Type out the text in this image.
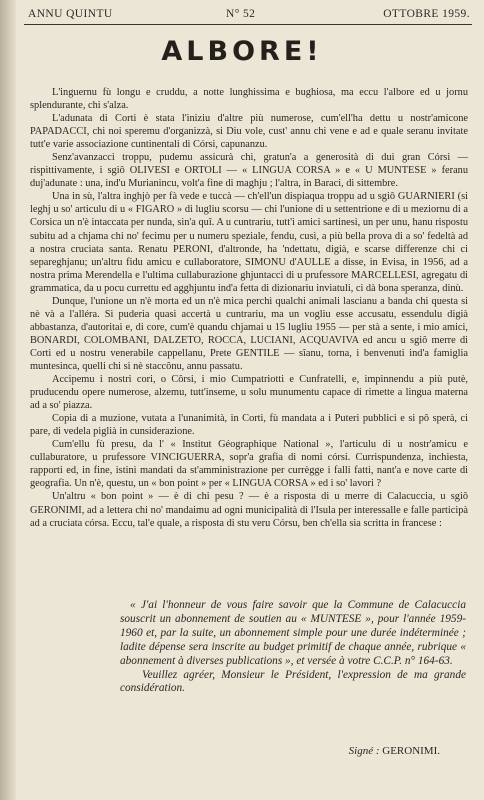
ANNU QUINTU	N° 52	OTTOBRE 1959.
ALBORE!

L'inguernu fù longu e cruddu, a notte lunghissima e bughiosa, ma eccu l'albore ed u jornu splendurante, chi s'alza.

L'adunata di Corti è stata l'iniziu d'altre più numerose, cum'ell'ha dettu u nostr'amicone PAPADACCI, chi noi speremu d'organizzà, si Diu vole, cust' annu chi vene e ad e quale seranu invitate tutt'e varie associazione cuntinentali di Córsi, capunanzu.

Senz'avanzacci troppu, pudemu assicurà chi, gratun'a a generosità di dui gran Córsi — rispittivamente, i sgiô OLIVESI e ORTOLI — « LINGUA CORSA » e « U MUNTESE » feranu duj'adunate : una, ind'u Murianincu, volt'a fine di maghju ; l'altra, in Baraci, di sittembre.

Una in sù, l'altra inghjò per fà vede e tuccà — ch'ell'un dispiaqua troppu ad u sgiô GUARNIERI (si leghj u so' articulu di u « FIGARO » di lugliu scorsu — chi l'unione di u settentrione e di u meziornu di a Corsica un n'è intaccata per nunda, sin'a quî. A u cuntrariu, tutt'i amici sartinesi, un per unu, hanu rispostu subitu ad a chjama chi no' fecimu per u numeru speziale, fendu, cusì, a più bella prova di a so' fedeltà ad a nostra cruciata santa. Renatu PERONI, d'altronde, ha 'ndettatu, digià, e scarse differenze chi ci separeghjanu; un'altru fidu amicu e cullaboratore, SIMONU d'AULLE a disse, in Evisa, in 1956, ad a nostra prima Merendella e l'ultima cullaburazione ghjuntacci di u prufessore MARCELLESI, agregatu di grammatica, da u pocu currettu ed agghjuntu ind'a fetta di dizionariu inviatuli, ci dà bona speranza, dinù.

Dunque, l'unione un n'è morta ed un n'è mica perchì qualchi animali lascianu a banda chi questa si nè và a l'alléra. Si puderia quasi accertà u cuntrariu, ma un vogliu esse accusatu, essendulu digià abbastanza, d'autoritai e, di core, cum'è quandu chjamai u 15 lugliu 1955 — per stà a sente, i mio amici, BONARDI, COLOMBANI, DALZETO, ROCCA, LUCIANI, ACQUAVIVA ed ancu u sgiô merre di Corti ed u nostru venerabile cappellanu, Prete GENTILE — sîanu, torna, i benvenuti ind'a famiglia muntesinca, quelli chi si nè staccônu, annu passatu.

Accipemu i nostri cori, o Côrsi, i mio Cumpatriotti e Cunfratelli, e, impinnendu a più putè, pruducendu opere numerose, alzemu, tutt'inseme, u solu munumentu capace di rimette a lingua materna ad a so' piazza.

Copia di a muzione, vutata a l'unanimità, in Corti, fù mandata a i Puteri pubblici e si pô sperà, ci pare, di vedela piglià in cunsiderazione.

Cum'ellu fù presu, da l' « Institut Géographique National », l'articulu di u nostr'amicu e cullaburatore, u prufessore VINCIGUERRA, sopr'a grafia di nomi córsi. Currispundenza, inchiesta, rapporti ed, in fine, istini mandati da st'amministrazione per currègge i falli fatti, nant'a e nove carte di geografia. Un n'è, questu, un « bon point » per « LINGUA CORSA » ed i so' lavori ?

Un'altru « bon point » — è di chi pesu ? — è a risposta di u merre di Calacuccia, u sgiô GERONIMI, ad a lettera chi no' mandaimu ad ogni municipalità di l'Isula per interessalle e falle participà ad a cruciata córsa. Eccu, tal'e quale, a risposta di stu veru Córsu, ben ch'ella sia scritta in francese :

« J'ai l'honneur de vous faire savoir que la Commune de Calacuccia souscrit un abonnement de soutien au « MUNTESE », pour l'année 1959-1960 et, par la suite, un abonnement simple pour une durée indéterminée ; ladite dépense sera inscrite au budget primitif de chaque année, rubrique « abonnement à diverses publications », et versée à votre C.C.P. n° 164-63.

Veuillez agréer, Monsieur le Président, l'expression de ma grande considération.

Signé : GERONIMI.
